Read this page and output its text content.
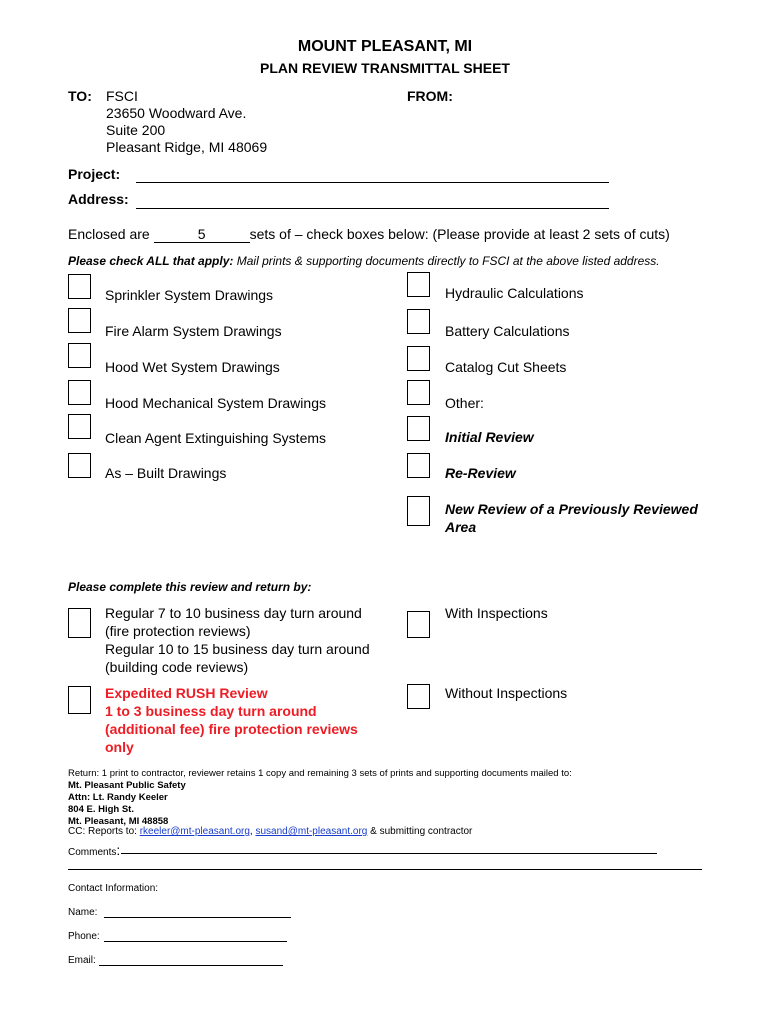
MOUNT PLEASANT, MI
PLAN REVIEW TRANSMITTAL SHEET
TO: FSCI
23650 Woodward Ave.
Suite 200
Pleasant Ridge, MI 48069
FROM:
Project:
Address:
Enclosed are	5	sets of – check boxes below: (Please provide at least 2 sets of cuts)
Please check ALL that apply: Mail prints & supporting documents directly to FSCI at the above listed address.
Sprinkler System Drawings
Fire Alarm System Drawings
Hood Wet System Drawings
Hood Mechanical System Drawings
Clean Agent Extinguishing Systems
As – Built Drawings
Hydraulic Calculations
Battery Calculations
Catalog Cut Sheets
Other:
Initial Review
Re-Review
New Review of a Previously Reviewed
Area
Please complete this review and return by:
Regular 7 to 10 business day turn around
(fire protection reviews)
Regular 10 to 15 business day turn around
(building code reviews)
With Inspections
Expedited RUSH Review
1 to 3 business day turn around
(additional fee) fire protection reviews
only
Without Inspections
Return: 1 print to contractor, reviewer retains 1 copy and remaining 3 sets of prints and supporting documents mailed to:
Mt. Pleasant Public Safety
Attn: Lt. Randy Keeler
804 E. High St.
Mt. Pleasant, MI 48858
CC: Reports to: rkeeler@mt-pleasant.org, susand@mt-pleasant.org & submitting contractor
Comments:
Contact Information:
Name:
Phone:
Email:
